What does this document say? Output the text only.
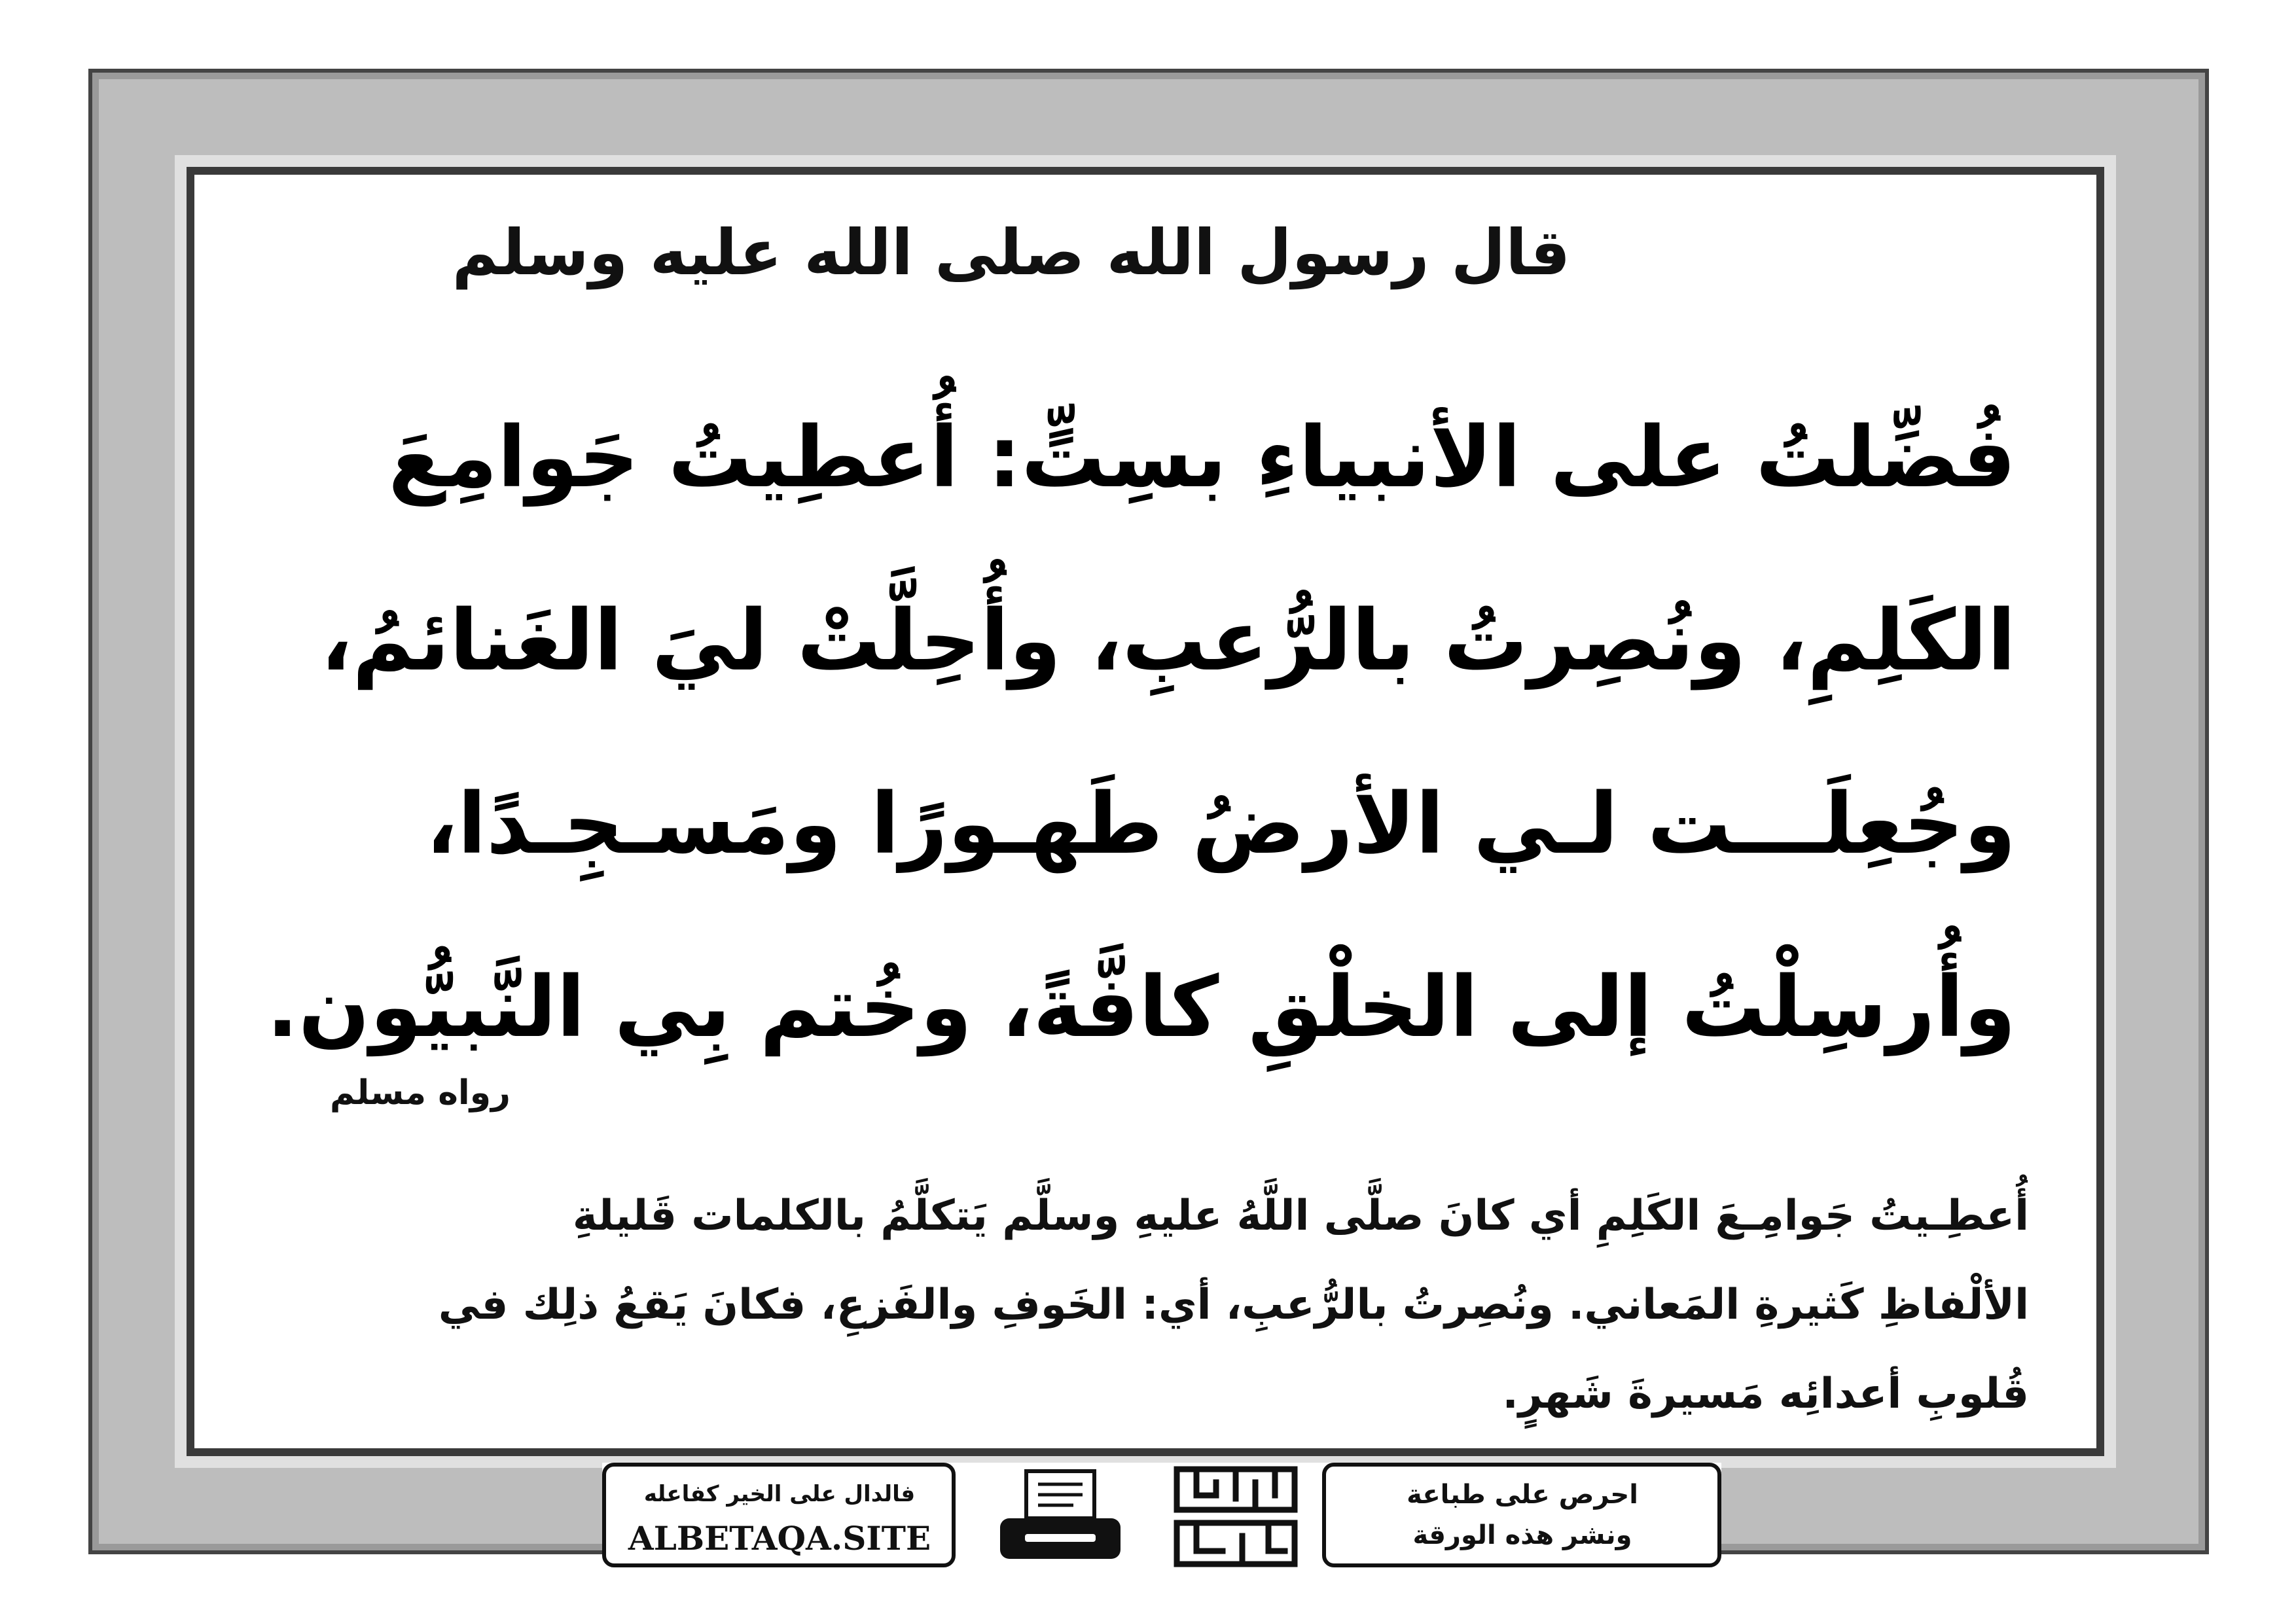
قال رسول الله صلى الله عليه وسلم
فُضِّلتُ على الأنبياءِ بسِتٍّ: أُعطِيتُ جَوامِعَ
الكَلِمِ، ونُصِرتُ بالرُّعبِ، وأُحِلَّتْ ليَ الغَنائمُ،
وجُعِلَـــت لـي الأرضُ طَهـورًا ومَسـجِـدًا،
وأُرسِلْتُ إلى الخلْقِ كافَّةً، وخُتم بِي النَّبيُّون.
رواه مسلم
أُعطِـيتُ جَوامِـعَ الكَلِمِ أي كانَ صلَّى اللَّهُ عليهِ وسلَّم يَتكلَّمُ بالكلمات قَليلةِ
الألْفاظِ كَثيرةِ المَعاني. ونُصِرتُ بالرُّعبِ، أي: الخَوفِ والفَزعِ، فكانَ يَقعُ ذلِك في
قُلوبِ أعدائِه مَسيرةَ شَهرٍ.
فالدال على الخير كفاعله
ALBETAQA.SITE
احرص على طباعة
ونشر هذه الورقة
